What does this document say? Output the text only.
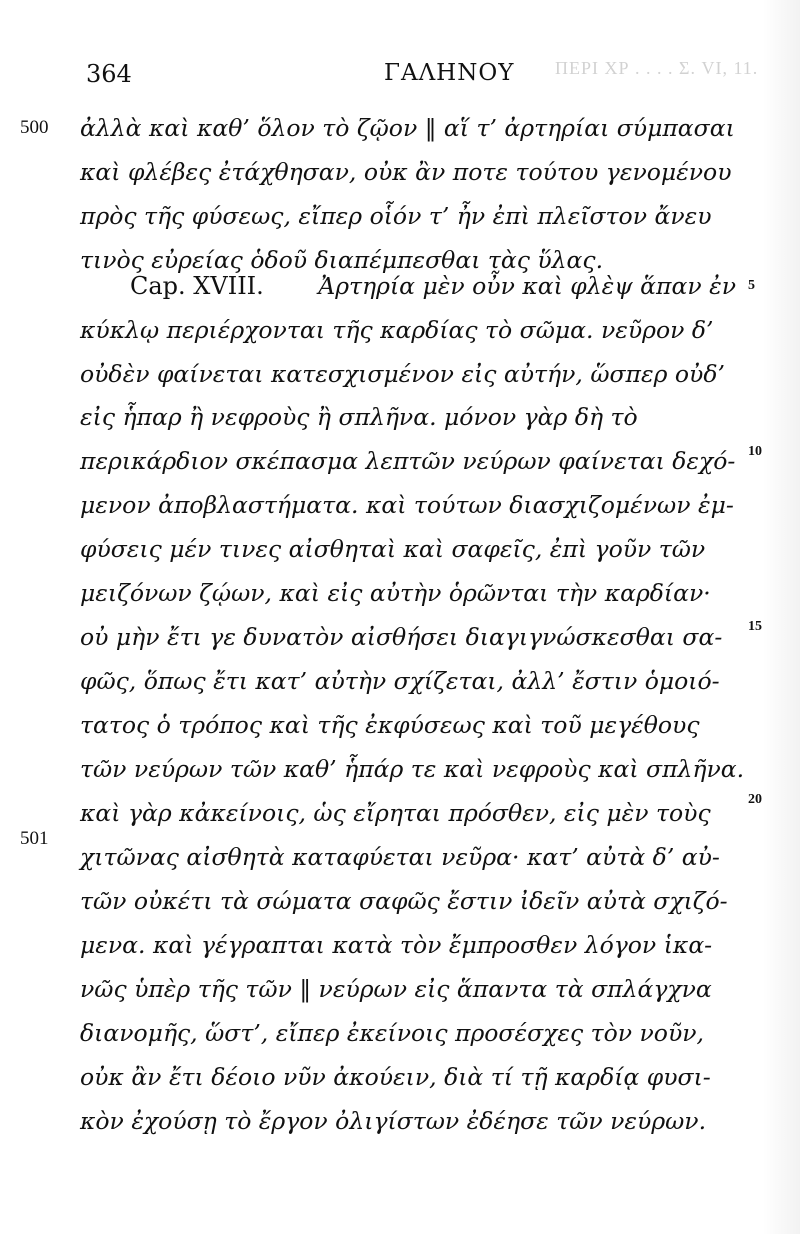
ΠΕΡΙ ΧΡ . . . . Σ. VI, 11.
364	ΓΑΛΗΝΟΥ
500
501
5
10
15
20
ἀλλὰ καὶ καθ’ ὅλον τὸ ζῷον ‖ αἵ τ’ ἀρτηρίαι σύμπασαι
καὶ φλέβες ἐτάχθησαν, οὐκ ἂν ποτε τούτου γενομένου
πρὸς τῆς φύσεως, εἴπερ οἷόν τ’ ἦν ἐπὶ πλεῖστον ἄνευ
τινὸς εὐρείας ὁδοῦ διαπέμπεσθαι τὰς ὕλας.
Cap. XVIII. Ἀρτηρία μὲν οὖν καὶ φλὲψ ἅπαν ἐν
κύκλῳ περιέρχονται τῆς καρδίας τὸ σῶμα. νεῦρον δ’
οὐδὲν φαίνεται κατεσχισμένον εἰς αὐτήν, ὥσπερ οὐδ’
εἰς ἧπαρ ἢ νεφροὺς ἢ σπλῆνα. μόνον γὰρ δὴ τὸ
περικάρδιον σκέπασμα λεπτῶν νεύρων φαίνεται δεχό-
μενον ἀποβλαστήματα. καὶ τούτων διασχιζομένων ἐμ-
φύσεις μέν τινες αἰσθηταὶ καὶ σαφεῖς, ἐπὶ γοῦν τῶν
μειζόνων ζῴων, καὶ εἰς αὐτὴν ὁρῶνται τὴν καρδίαν·
οὐ μὴν ἔτι γε δυνατὸν αἰσθήσει διαγιγνώσκεσθαι σα-
φῶς, ὅπως ἔτι κατ’ αὐτὴν σχίζεται, ἀλλ’ ἔστιν ὁμοιό-
τατος ὁ τρόπος καὶ τῆς ἐκφύσεως καὶ τοῦ μεγέθους
τῶν νεύρων τῶν καθ’ ἧπάρ τε καὶ νεφροὺς καὶ σπλῆνα.
καὶ γὰρ κἀκείνοις, ὡς εἴρηται πρόσθεν, εἰς μὲν τοὺς
χιτῶνας αἰσθητὰ καταφύεται νεῦρα· κατ’ αὐτὰ δ’ αὐ-
τῶν οὐκέτι τὰ σώματα σαφῶς ἔστιν ἰδεῖν αὐτὰ σχιζό-
μενα. καὶ γέγραπται κατὰ τὸν ἔμπροσθεν λόγον ἱκα-
νῶς ὑπὲρ τῆς τῶν ‖ νεύρων εἰς ἅπαντα τὰ σπλάγχνα
διανομῆς, ὥστ’, εἴπερ ἐκείνοις προσέσχες τὸν νοῦν,
οὐκ ἂν ἔτι δέοιο νῦν ἀκούειν, διὰ τί τῇ καρδίᾳ φυσι-
κὸν ἐχούσῃ τὸ ἔργον ὀλιγίστων ἐδέησε τῶν νεύρων.
